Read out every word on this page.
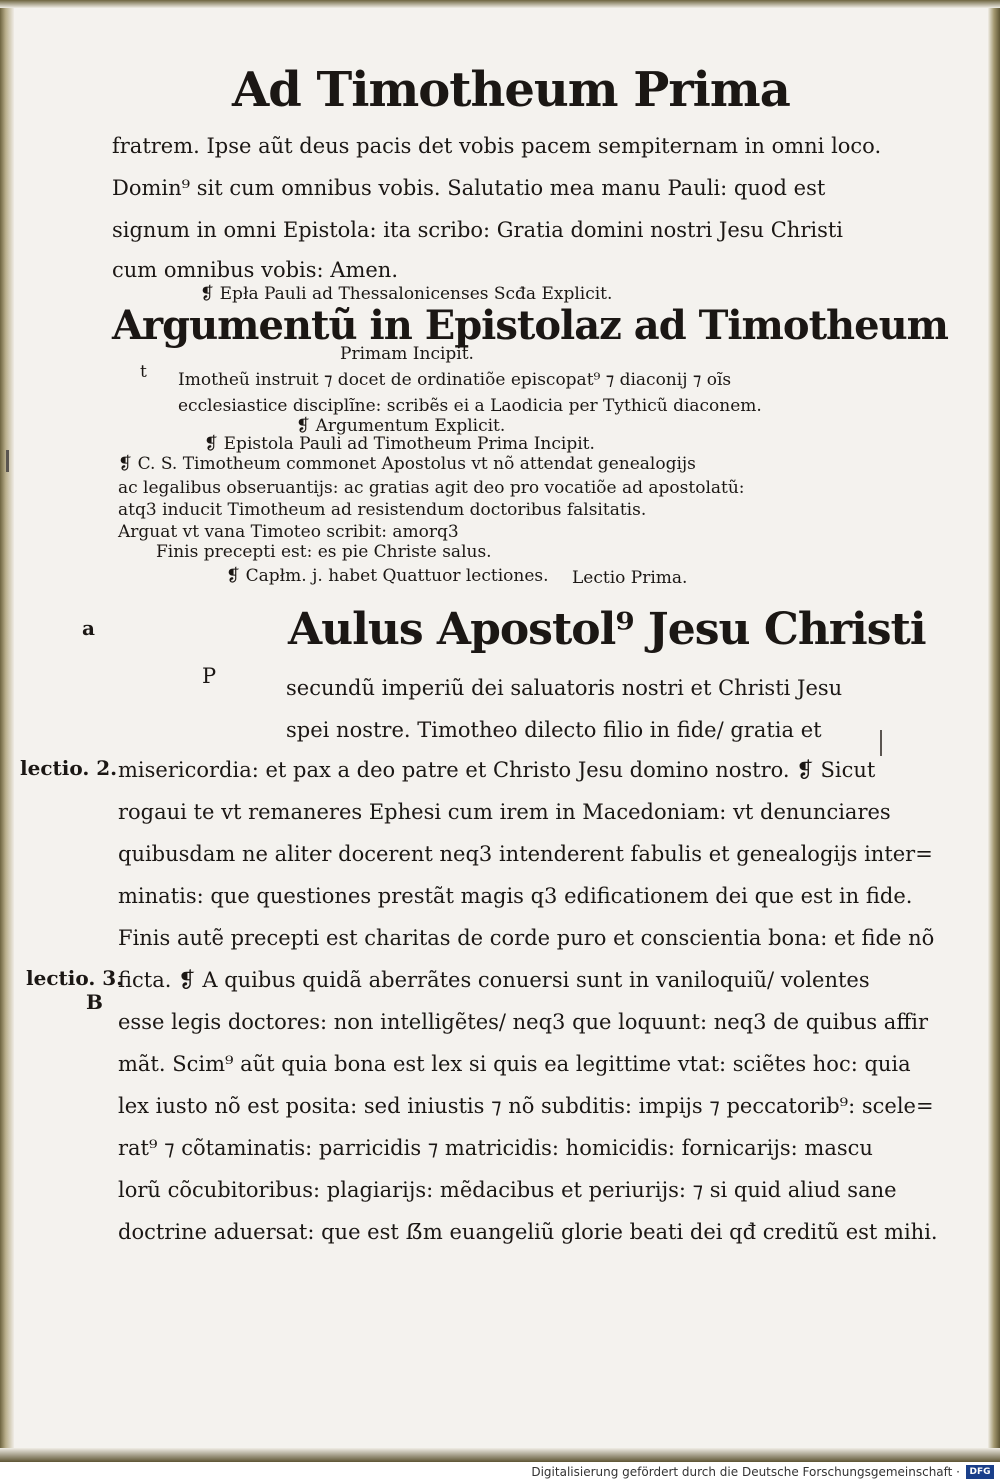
Ad Timotheum Prima
fratrem. Ipse aũt deus pacis det vobis pacem sempiternam in omni loco.
Domin⁹ sit cum omnibus vobis. Salutatio mea manu Pauli: quod est
signum in omni Epistola: ita scribo: Gratia domini nostri Jesu Christi
cum omnibus vobis: Amen.
❡ Epła Pauli ad Thessalonicenses Scđa Explicit.
Argumentũ in Epistolaz ad Timotheum
Primam Incipit.
t Imotheũ instruit ⁊ docet de ordinatiõe episcopat⁹ ⁊ diaconij ⁊ oĩs
ecclesiastice disciplĩne: scribẽs ei a Laodicia per Tythicũ diaconem.
❡ Argumentum Explicit.
❡ Epistola Pauli ad Timotheum Prima Incipit.
❡ C. S. Timotheum commonet Apostolus vt nõ attendat genealogijs
ac legalibus obseruantijs: ac gratias agit deo pro vocatiõe ad apostolatũ:
atq3 inducit Timotheum ad resistendum doctoribus falsitatis.
Arguat vt vana Timoteo scribit: amorq3
Finis precepti est: es pie Christe salus.
❡ Capłm. j. habet Quattuor lectiones. Lectio Prima.
a	Aulus Apostol⁹ Jesu Christi
P	secundũ imperiũ dei saluatoris nostri et Christi Jesu
spei nostre. Timotheo dilecto filio in fide/ gratia et
lectio. 2. misericordia: et pax a deo patre et Christo Jesu domino nostro. ❡ Sicut
rogaui te vt remaneres Ephesi cum irem in Macedoniam: vt denunciares
quibusdam ne aliter docerent neq3 intenderent fabulis et genealogijs inter=
minatis: que questiones prestãt magis q3 edificationem dei que est in fide.
Finis autẽ precepti est charitas de corde puro et conscientia bona: et fide nõ
lectio. 3.
ficta. ❡ A quibus quidã aberrãtes conuersi sunt in vaniloquiũ/ volentes
B
esse legis doctores: non intelligẽtes/ neq3 que loquunt: neq3 de quibus affir
mãt. Scim⁹ aũt quia bona est lex si quis ea legittime vtat: sciẽtes hoc: quia
lex iusto nõ est posita: sed iniustis ⁊ nõ subditis: impijs ⁊ peccatorib⁹: scele=
rat⁹ ⁊ cõtaminatis: parricidis ⁊ matricidis: homicidis: fornicarijs: mascu
lorũ cõcubitoribus: plagiarijs: mẽdacibus et periurijs: ⁊ si quid aliud sane
doctrine aduersat: que est ẞm euangeliũ glorie beati dei qđ creditũ est mihi.
Digitalisierung gefördert durch die Deutsche Forschungsgemeinschaft ·	DFG
